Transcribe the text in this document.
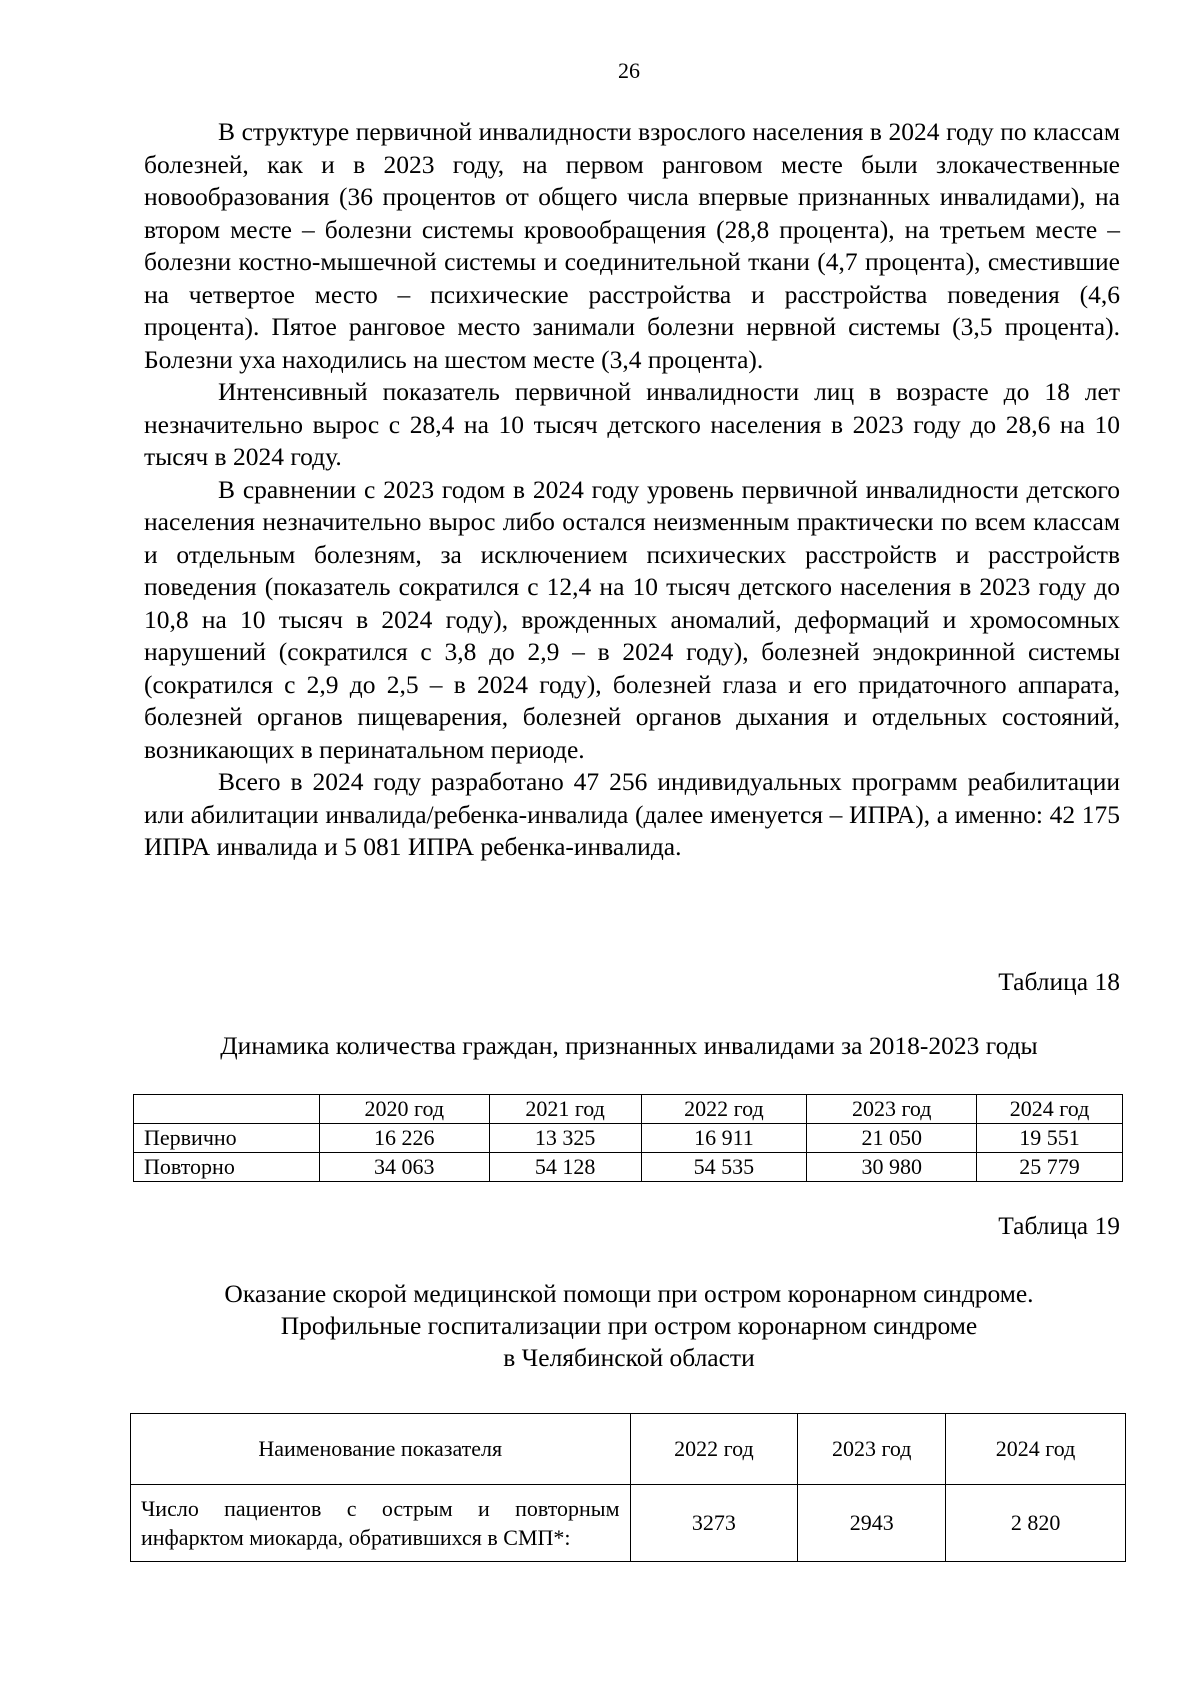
26

В структуре первичной инвалидности взрослого населения в 2024 году по классам болезней, как и в 2023 году, на первом ранговом месте были злокачественные новообразования (36 процентов от общего числа впервые признанных инвалидами), на втором месте – болезни системы кровообращения (28,8 процента), на третьем месте – болезни костно-мышечной системы и соединительной ткани (4,7 процента), сместившие на четвертое место – психические расстройства и расстройства поведения (4,6 процента). Пятое ранговое место занимали болезни нервной системы (3,5 процента). Болезни уха находились на шестом месте (3,4 процента).

Интенсивный показатель первичной инвалидности лиц в возрасте до 18 лет незначительно вырос с 28,4 на 10 тысяч детского населения в 2023 году до 28,6 на 10 тысяч в 2024 году.

В сравнении с 2023 годом в 2024 году уровень первичной инвалидности детского населения незначительно вырос либо остался неизменным практически по всем классам и отдельным болезням, за исключением психических расстройств и расстройств поведения (показатель сократился с 12,4 на 10 тысяч детского населения в 2023 году до 10,8 на 10 тысяч в 2024 году), врожденных аномалий, деформаций и хромосомных нарушений (сократился с 3,8 до 2,9 – в 2024 году), болезней эндокринной системы (сократился с 2,9 до 2,5 – в 2024 году), болезней глаза и его придаточного аппарата, болезней органов пищеварения, болезней органов дыхания и отдельных состояний, возникающих в перинатальном периоде.

Всего в 2024 году разработано 47 256 индивидуальных программ реабилитации или абилитации инвалида/ребенка-инвалида (далее именуется – ИПРА), а именно: 42 175 ИПРА инвалида и 5 081 ИПРА ребенка-инвалида.

Таблица 18
Динамика количества граждан, признанных инвалидами за 2018-2023 годы
	2020 год	2021 год	2022 год	2023 год	2024 год
Первично	16 226	13 325	16 911	21 050	19 551
Повторно	34 063	54 128	54 535	30 980	25 779
Таблица 19
Оказание скорой медицинской помощи при остром коронарном синдроме.
Профильные госпитализации при остром коронарном синдроме
в Челябинской области
Наименование показателя	2022 год	2023 год	2024 год
Число пациентов с острым и повторным инфарктом миокарда, обратившихся в СМП*:	3273	2943	2 820
